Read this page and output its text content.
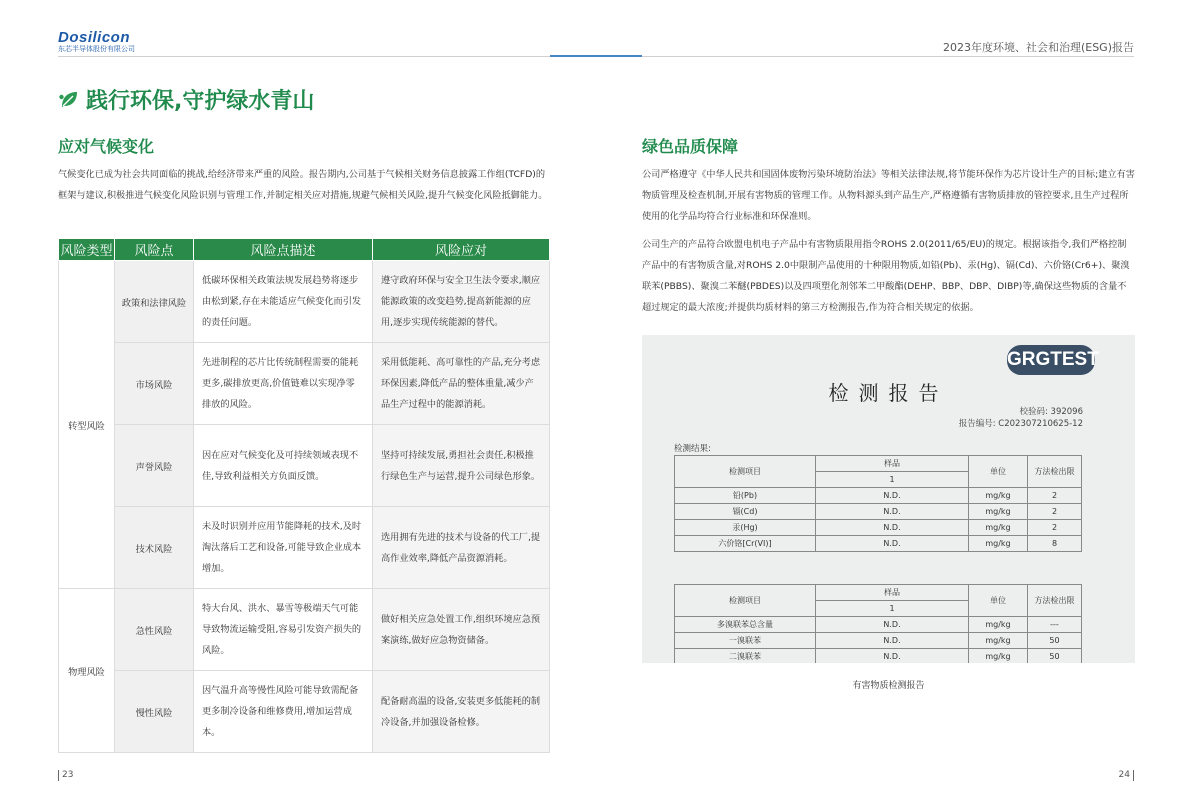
Dosilicon
东芯半导体股份有限公司	2023年度环境、社会和治理(ESG)报告
践行环保,守护绿水青山
应对气候变化
气候变化已成为社会共同面临的挑战,给经济带来严重的风险。报告期内,公司基于气候相关财务信息披露工作组(TCFD)的框架与建议,积极推进气候变化风险识别与管理工作,并制定相关应对措施,规避气候相关风险,提升气候变化风险抵御能力。
风险类型	风险点	风险点描述	风险应对
转型风险	政策和法律风险	低碳环保相关政策法规发展趋势将逐步由松到紧,存在未能适应气候变化而引发的责任问题。	遵守政府环保与安全卫生法令要求,顺应能源政策的改变趋势,提高新能源的应用,逐步实现传统能源的替代。
	市场风险	先进制程的芯片比传统制程需要的能耗更多,碳排放更高,价值链难以实现净零排放的风险。	采用低能耗、高可靠性的产品,充分考虑环保因素,降低产品的整体重量,减少产品生产过程中的能源消耗。
	声誉风险	因在应对气候变化及可持续领域表现不佳,导致利益相关方负面反馈。	坚持可持续发展,勇担社会责任,积极推行绿色生产与运营,提升公司绿色形象。
	技术风险	未及时识别并应用节能降耗的技术,及时淘汰落后工艺和设备,可能导致企业成本增加。	选用拥有先进的技术与设备的代工厂,提高作业效率,降低产品资源消耗。
物理风险	急性风险	特大台风、洪水、暴雪等极端天气可能导致物流运输受阻,容易引发资产损失的风险。	做好相关应急处置工作,组织环境应急预案演练,做好应急物资储备。
	慢性风险	因气温升高等慢性风险可能导致需配备更多制冷设备和维修费用,增加运营成本。	配备耐高温的设备,安装更多低能耗的制冷设备,并加强设备检修。
绿色品质保障
公司严格遵守《中华人民共和国固体废物污染环境防治法》等相关法律法规,将节能环保作为芯片设计生产的目标;建立有害物质管理及检查机制,开展有害物质的管理工作。从物料源头到产品生产,严格遵循有害物质排放的管控要求,且生产过程所使用的化学品均符合行业标准和环保准则。
公司生产的产品符合欧盟电机电子产品中有害物质限用指令ROHS 2.0(2011/65/EU)的规定。根据该指令,我们严格控制产品中的有害物质含量,对ROHS 2.0中限制产品使用的十种限用物质,如铅(Pb)、汞(Hg)、镉(Cd)、六价铬(Cr6+)、聚溴联苯(PBBS)、聚溴二苯醚(PBDES)以及四项塑化剂邻苯二甲酸酯(DEHP、BBP、DBP、DIBP)等,确保这些物质的含量不超过规定的最大浓度;并提供均质材料的第三方检测报告,作为符合相关规定的依据。
GRGTEST
检测报告
校验码: 392096
报告编号: C202307210625-12
检测结果:
检测项目	样品	单位	方法检出限
	1		
铅(Pb)	N.D.	mg/kg	2
镉(Cd)	N.D.	mg/kg	2
汞(Hg)	N.D.	mg/kg	2
六价铬[Cr(VI)]	N.D.	mg/kg	8
检测项目	样品	单位	方法检出限
	1		
多溴联苯总含量	N.D.	mg/kg	---
一溴联苯	N.D.	mg/kg	50
二溴联苯	N.D.	mg/kg	50
有害物质检测报告
23	24
